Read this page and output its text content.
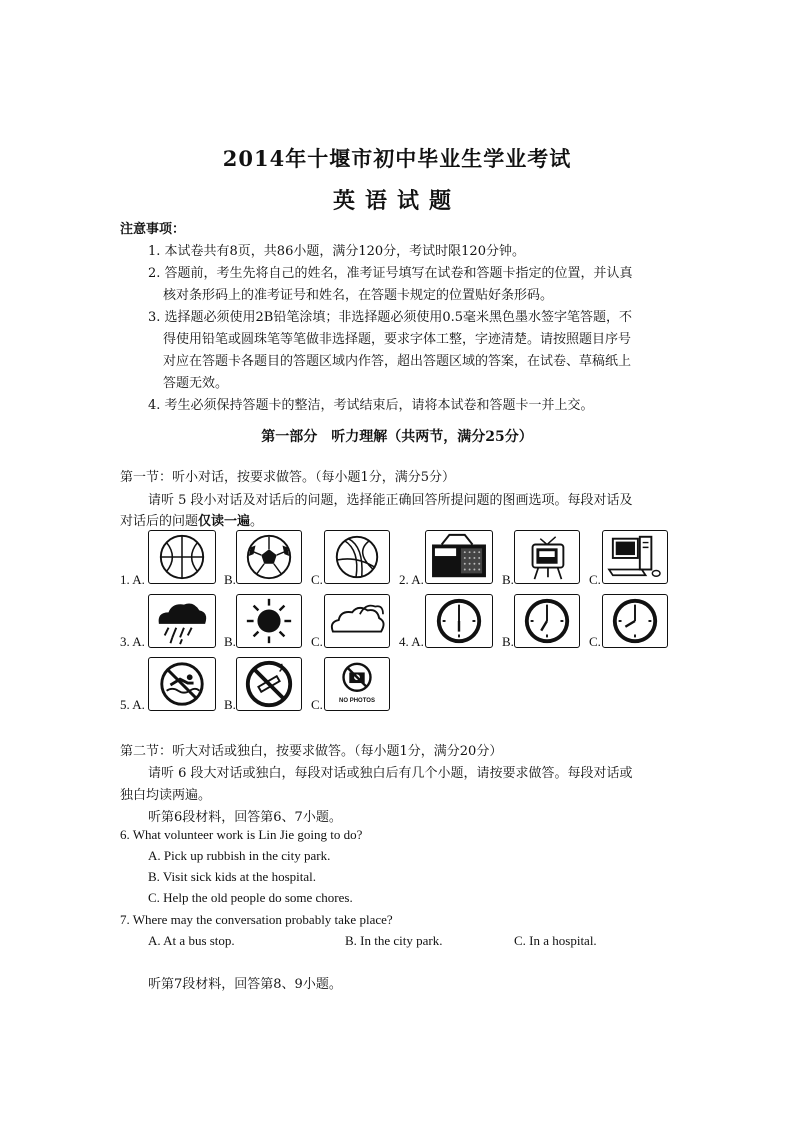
2014年十堰市初中毕业生学业考试
英语试题
注意事项：
1. 本试卷共有8页，共86小题，满分120分，考试时限120分钟。
2. 答题前，考生先将自己的姓名，准考证号填写在试卷和答题卡指定的位置，并认真
核对条形码上的准考证号和姓名，在答题卡规定的位置贴好条形码。
3. 选择题必须使用2B铅笔涂填；非选择题必须使用0.5毫米黑色墨水签字笔答题，不
得使用铅笔或圆珠笔等笔做非选择题，要求字体工整，字迹清楚。请按照题目序号
对应在答题卡各题目的答题区域内作答，超出答题区域的答案，在试卷、草稿纸上
答题无效。
4. 考生必须保持答题卡的整洁，考试结束后，请将本试卷和答题卡一并上交。
第一部分　听力理解（共两节，满分25分）
第一节：听小对话，按要求做答。（每小题1分，满分5分）
请听 5 段小对话及对话后的问题，选择能正确回答所提问题的图画选项。每段对话及
对话后的问题仅读一遍。
1. A.	B.	C.	2. A.	B.	C.
3. A.	B.	C.	4. A.	B.	C.
5. A.	B.	C.	NO PHOTOS
第二节：听大对话或独白，按要求做答。（每小题1分，满分20分）
请听 6 段大对话或独白，每段对话或独白后有几个小题，请按要求做答。每段对话或
独白均读两遍。
听第6段材料，回答第6、7小题。
6. What volunteer work is Lin Jie going to do?
A. Pick up rubbish in the city park.
B. Visit sick kids at the hospital.
C. Help the old people do some chores.
7. Where may the conversation probably take place?
A. At a bus stop.	B. In the city park.	C. In a hospital.
听第7段材料，回答第8、9小题。
